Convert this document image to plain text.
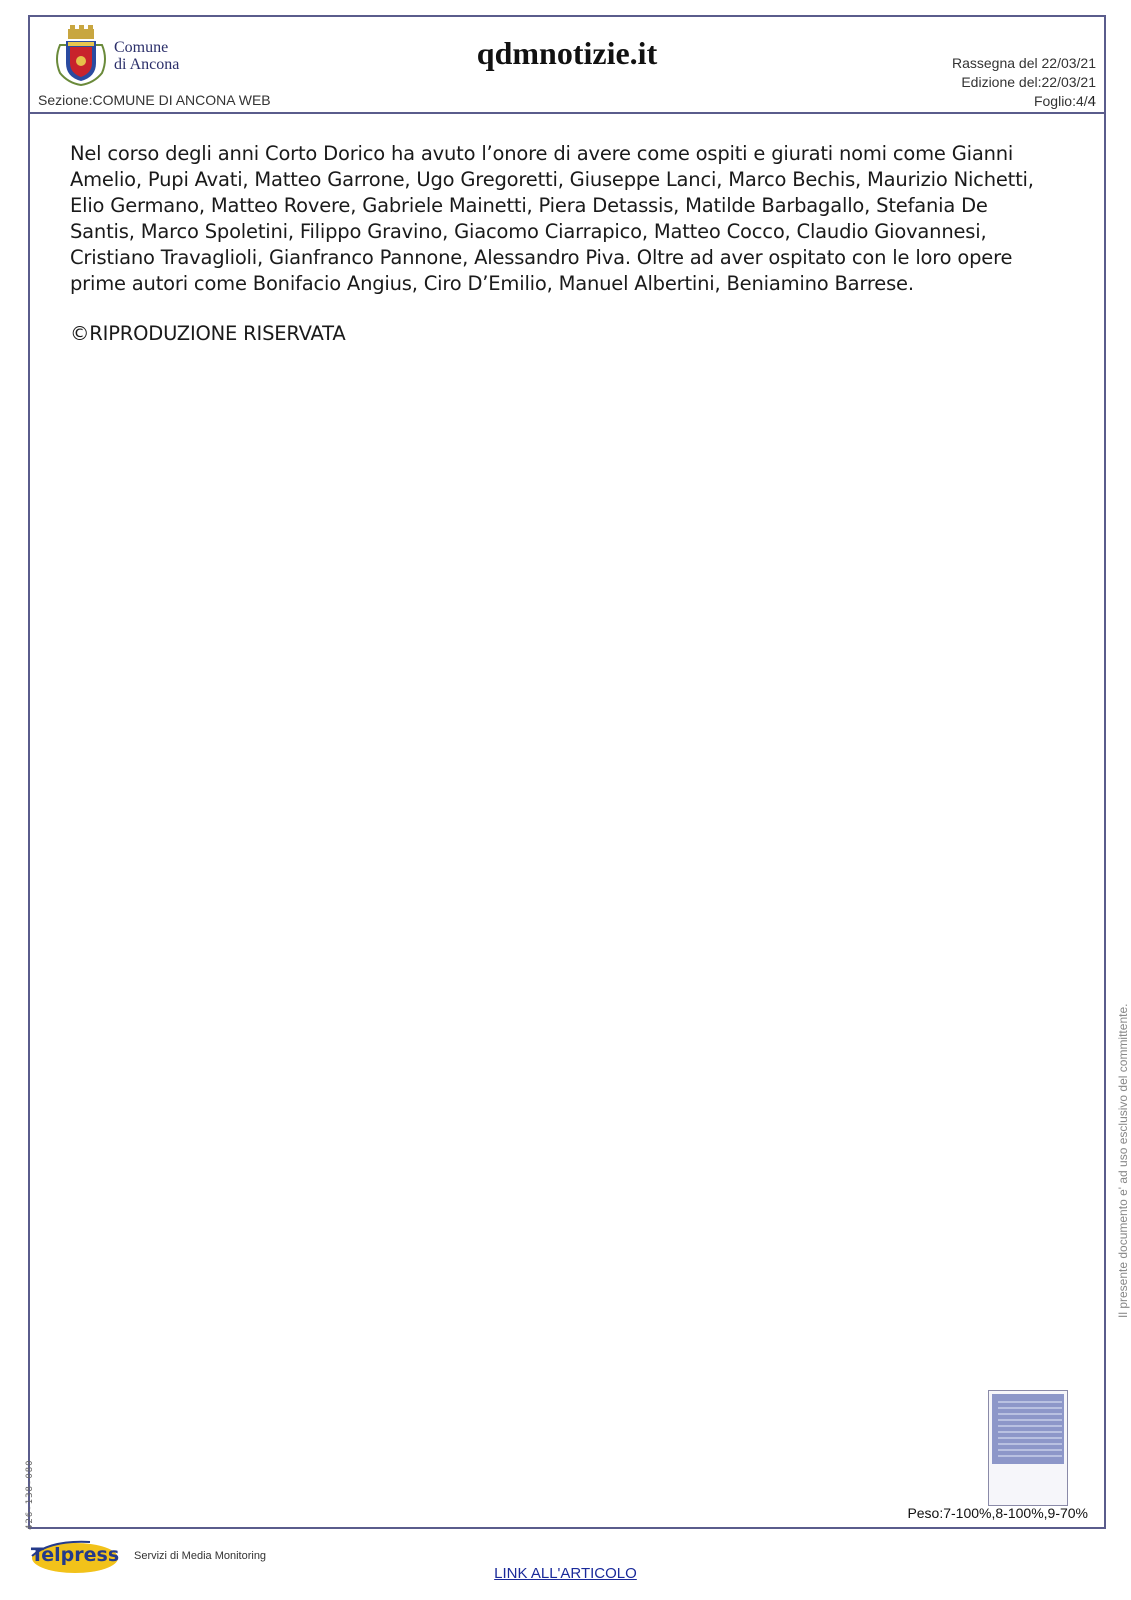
Comune
di Ancona	qdmnotizie.it
Sezione:COMUNE DI ANCONA WEB
Rassegna del 22/03/21
Edizione del:22/03/21
Foglio:4/4

Nel corso degli anni Corto Dorico ha avuto l’onore di avere come ospiti e giurati nomi come Gianni Amelio, Pupi Avati, Matteo Garrone, Ugo Gregoretti, Giuseppe Lanci, Marco Bechis, Maurizio Nichetti, Elio Germano, Matteo Rovere, Gabriele Mainetti, Piera Detassis, Matilde Barbagallo, Stefania De Santis, Marco Spoletini, Filippo Gravino, Giacomo Ciarrapico, Matteo Cocco, Claudio Giovannesi, Cristiano Travaglioli, Gianfranco Pannone, Alessandro Piva. Oltre ad aver ospitato con le loro opere prime autori come Bonifacio Angius, Ciro D’Emilio, Manuel Albertini, Beniamino Barrese.

©RIPRODUZIONE RISERVATA

Peso:7-100%,8-100%,9-70%
Il presente documento e' ad uso esclusivo del committente.
426-138-080
Telpress Servizi di Media Monitoring
LINK ALL'ARTICOLO
